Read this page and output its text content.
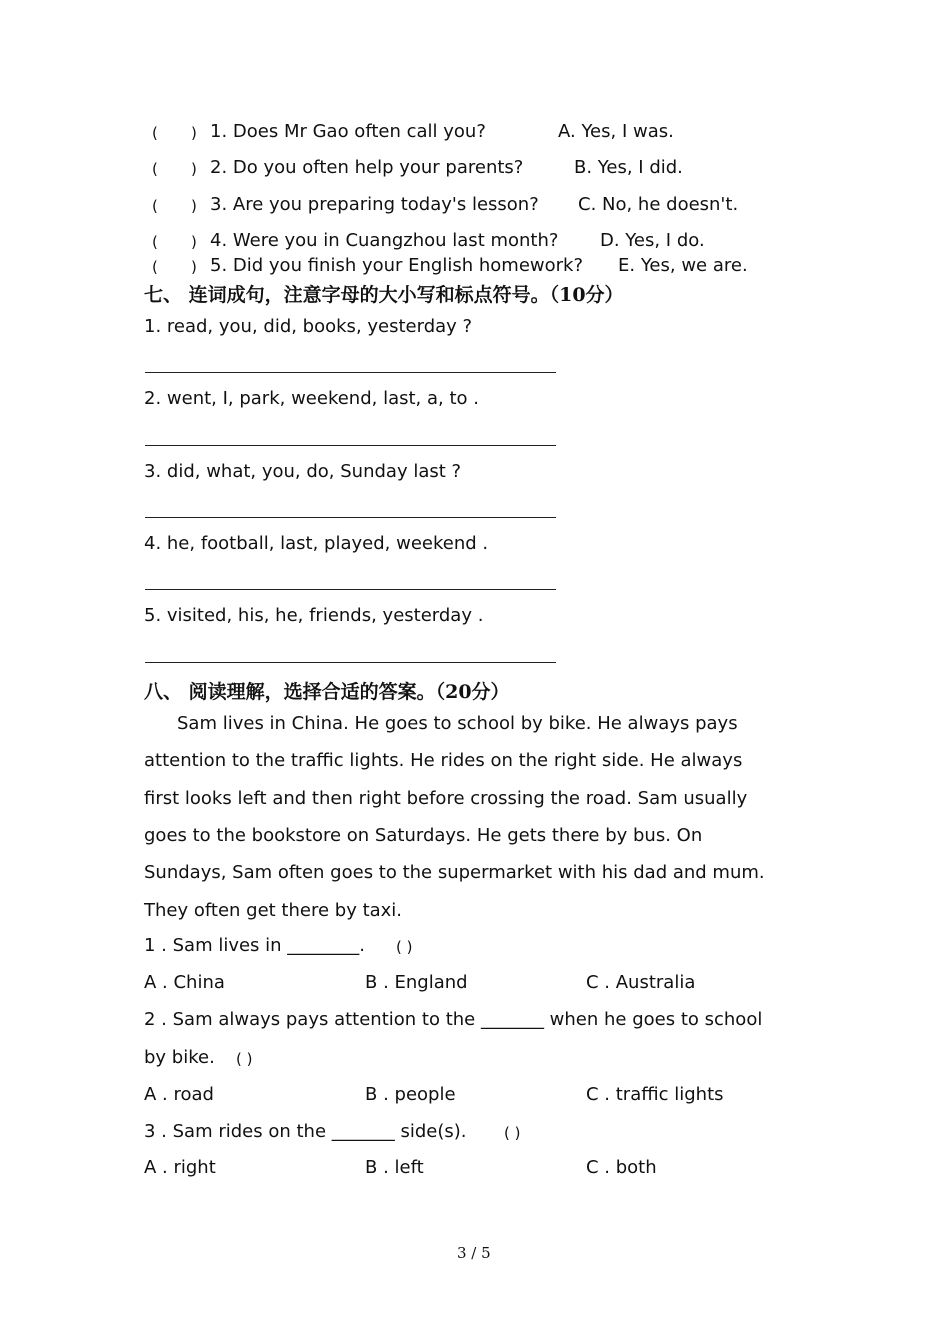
( ) 1. Does Mr Gao often call you?	A. Yes, I was.
( ) 2. Do you often help your parents?	B. Yes, I did.
( ) 3. Are you preparing today's lesson? C. No, he doesn't.
( ) 4. Were you in Cuangzhou last month? D. Yes, I do.
( ) 5. Did you finish your English homework? E. Yes, we are.
七、 连词成句，注意字母的大小写和标点符号。（10分）
1. read, you, did, books, yesterday ?
2. went, I, park, weekend, last, a, to .
3. did, what, you, do, Sunday last ?
4. he, football, last, played, weekend .
5. visited, his, he, friends, yesterday .
八、 阅读理解，选择合适的答案。（20分）
Sam lives in China. He goes to school by bike. He always pays
attention to the traffic lights. He rides on the right side. He always
first looks left and then right before crossing the road. Sam usually
goes to the bookstore on Saturdays. He gets there by bus. On
Sundays, Sam often goes to the supermarket with his dad and mum.
They often get there by taxi.
1 . Sam lives in ________. ( )
A . China	B . England	C . Australia
2 . Sam always pays attention to the _______ when he goes to school
by bike. ( )
A . road	B . people	C . traffic lights
3 . Sam rides on the _______ side(s).	( )
A . right	B . left	C . both
3 / 5
